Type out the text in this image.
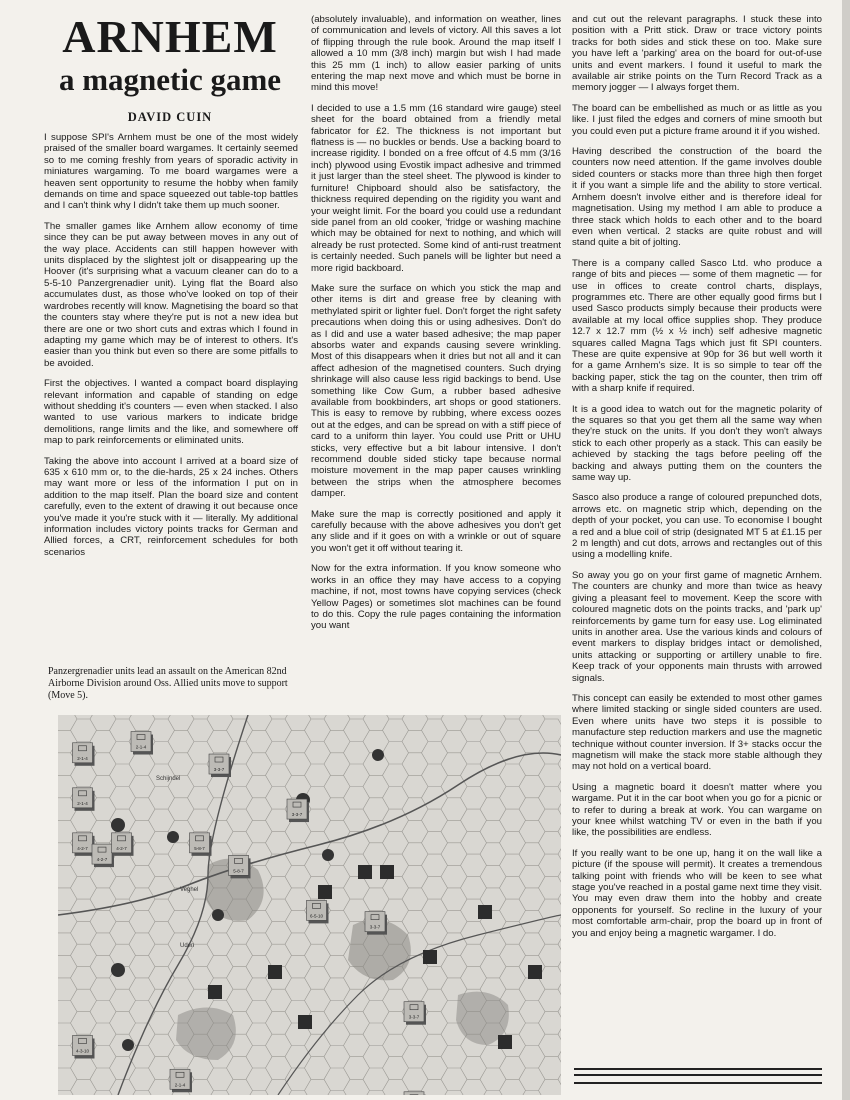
ARNHEM
a magnetic game
DAVID CUIN

I suppose SPI's Arnhem must be one of the most widely praised of the smaller board wargames. It certainly seemed so to me coming freshly from years of sporadic activity in miniatures wargaming. To me board wargames were a heaven sent opportunity to resume the hobby when family demands on time and space squeezed out table-top battles and I can't think why I didn't take them up much sooner.

The smaller games like Arnhem allow economy of time since they can be put away between moves in any out of the way place. Accidents can still happen however with units displaced by the slightest jolt or disappearing up the Hoover (it's surprising what a vacuum cleaner can do to a 5-5-10 Panzergrenadier unit). Lying flat the Board also accumulates dust, as those who've looked on top of their wardrobes recently will know. Magnetising the board so that the counters stay where they're put is not a new idea but there are one or two short cuts and extras which I found in adapting my game which may be of interest to others. It's easier than you think but even so there are some pitfalls to be avoided.

First the objectives. I wanted a compact board displaying relevant information and capable of standing on edge without shedding it's counters — even when stacked. I also wanted to use various markers to indicate bridge demolitions, range limits and the like, and somewhere off map to park reinforcements or eliminated units.

Taking the above into account I arrived at a board size of 635 x 610 mm or, to the die-hards, 25 x 24 inches. Others may want more or less of the information I put on in addition to the map itself. Plan the board size and content carefully, even to the extent of drawing it out because once you've made it you're stuck with it — literally. My additional information includes victory points tracks for German and Allied forces, a CRT, reinforcement schedules for both scenarios

Panzergrenadier units lead an assault on the American 82nd Airborne Division around Oss. Allied units move to support (Move 5).

(absolutely invaluable), and information on weather, lines of communication and levels of victory. All this saves a lot of flipping through the rule book. Around the map itself I allowed a 10 mm (3/8 inch) margin but wish I had made this 25 mm (1 inch) to allow easier parking of units entering the map next move and which must be borne in mind this move!

I decided to use a 1.5 mm (16 standard wire gauge) steel sheet for the board obtained from a friendly metal fabricator for £2. The thickness is not important but flatness is — no buckles or bends. Use a backing board to increase rigidity. I bonded on a free offcut of 4.5 mm (3/16 inch) plywood using Evostik impact adhesive and trimmed it just larger than the steel sheet. The plywood is kinder to furniture! Chipboard should also be satisfactory, the thickness required depending on the rigidity you want and your weight limit. For the board you could use a redundant side panel from an old cooker, 'fridge or washing machine which may be obtained for next to nothing, and which will already be rust protected. Some kind of anti-rust treatment is certainly needed. Such panels will be lighter but need a more rigid backboard.

Make sure the surface on which you stick the map and other items is dirt and grease free by cleaning with methylated spirit or lighter fuel. Don't forget the right safety precautions when doing this or using adhesives. Don't do as I did and use a water based adhesive; the map paper absorbs water and expands causing severe wrinkling. Most of this disappears when it dries but not all and it can affect adhesion of the magnetised counters. Such drying shrinkage will also cause less rigid backings to bend. Use something like Cow Gum, a rubber based adhesive available from bookbinders, art shops or good stationers. This is easy to remove by rubbing, where excess oozes out at the edges, and can be spread on with a stiff piece of card to a uniform thin layer. You could use Pritt or UHU sticks, very effective but a bit labour intensive. I don't recommend double sided sticky tape because normal moisture movement in the map paper causes wrinkling between the strips when the atmosphere becomes damper.

Make sure the map is correctly positioned and apply it carefully because with the above adhesives you don't get any slide and if it goes on with a wrinkle or out of square you won't get it off without tearing it.

Now for the extra information. If you know someone who works in an office they may have access to a copying machine, if not, most towns have copying services (check Yellow Pages) or sometimes slot machines can be found to do this. Copy the rule pages containing the information you want

and cut out the relevant paragraphs. I stuck these into position with a Pritt stick. Draw or trace victory points tracks for both sides and stick these on too. Make sure you have left a 'parking' area on the board for out-of-use units and event markers. I found it useful to mark the available air strike points on the Turn Record Track as a memory jogger — I always forget them.

The board can be embellished as much or as little as you like. I just filed the edges and corners of mine smooth but you could even put a picture frame around it if you wished.

Having described the construction of the board the counters now need attention. If the game involves double sided counters or stacks more than three high then forget it if you want a simple life and the ability to store vertical. Arnhem doesn't involve either and is therefore ideal for magnetisation. Using my method I am able to produce a three stack which holds to each other and to the board even when vertical. 2 stacks are quite robust and will stand quite a bit of jolting.

There is a company called Sasco Ltd. who produce a range of bits and pieces — some of them magnetic — for use in offices to create control charts, displays, programmes etc. There are other equally good firms but I used Sasco products simply because their products were available at my local office supplies shop. They produce 12.7 x 12.7 mm (½ x ½ inch) self adhesive magnetic squares called Magna Tags which just fit SPI counters. These are quite expensive at 90p for 36 but well worth it for a game Arnhem's size. It is so simple to tear off the backing paper, stick the tag on the counter, then trim off with a sharp knife if required.

It is a good idea to watch out for the magnetic polarity of the squares so that you get them all the same way when they're stuck on the units. If you don't they won't always stick to each other properly as a stack. This can easily be achieved by stacking the tags before peeling off the backing and always putting them on the counters the same way up.

Sasco also produce a range of coloured prepunched dots, arrows etc. on magnetic strip which, depending on the depth of your pocket, you can use. To economise I bought a red and a blue coil of strip (designated MT 5 at £1.15 per 2 m length) and cut dots, arrows and rectangles out of this using a modelling knife.

So away you go on your first game of magnetic Arnhem. The counters are chunky and more than twice as heavy giving a pleasant feel to movement. Keep the score with coloured magnetic dots on the points tracks, and 'park up' reinforcements by game turn for easy use. Log eliminated units in another area. Use the various kinds and colours of event markers to display bridges intact or demolished, units attacking or supporting or artillery unable to fire. Keep track of your opponents main thrusts with arrowed signals.

This concept can easily be extended to most other games where limited stacking or single sided counters are used. Even where units have two steps it is possible to manufacture step reduction markers and use the magnetic technique without counter inversion. If 3+ stacks occur the magnetism will make the stack more stable although they may not hold on a vertical board.

Using a magnetic board it doesn't matter where you wargame. Put it in the car boot when you go for a picnic or to refer to during a break at work. You can wargame on your knee whilst watching TV or even in the bath if you like, the possibilities are endless.

If you really want to be one up, hang it on the wall like a picture (if the spouse will permit). It creates a tremendous talking point with friends who will be keen to see what stage you've reached in a postal game next time they visit. You may even draw them into the hobby and create opponents for yourself. So recline in the luxury of your most comfortable arm-chair, prop the board up in front of you and enjoy being a magnetic wargamer. I do.

Schijndel
Veghel
Uden
2-1-4
2-1-4
4-2-7
4-2-7
2-1-4
4-2-7
3-3-7
5-8-7
5-8-7
3-3-7
6-5-10
3-3-7
3-3-7
4-3-10
2-1-4
